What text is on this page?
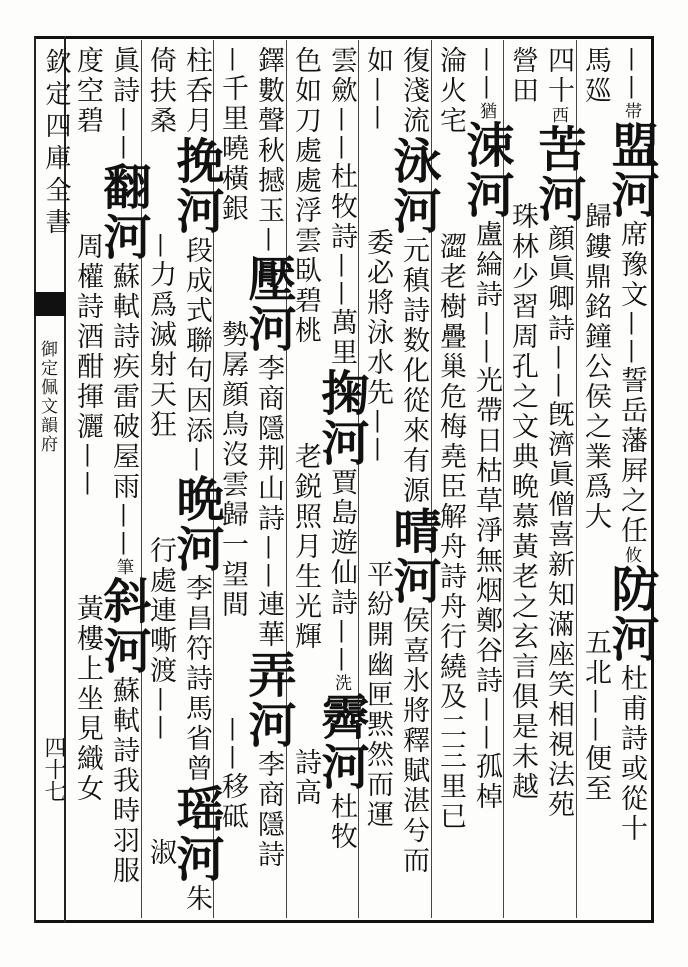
欽定四庫全書
御定佩文韻府
四十七
||帯盟河席豫文||誓岳藩屛之任攸防河杜甫詩或從十
馬廵歸鏤鼎銘鐘公侯之業爲大五北||便至
四十西苦河顔眞卿詩||旣濟眞僧喜新知滿座笑相視法苑
營田珠林少習周孔之文典晩慕黃老之玄言俱是未越
||猶涑河盧綸詩||光帶日枯草淨無烟鄭谷詩||孤棹
淪火宅澀老樹疊巢危梅堯臣解舟詩舟行繞及二三里已
復淺流泳河元稹詩数化從來有源晴河侯喜氷將釋賦湛兮而
如||委必將泳水先||平紛開幽匣黙然而運
雲歛||杜牧詩||萬里掬河賈島遊仙詩||洗霽河杜牧
色如刀處處浮雲臥碧桃老鋭照月生光輝詩高
鐸數聲秋撼玉|壓河李商隱荆山詩||連華弄河李商隱詩
|千里曉橫銀勢孱顔鳥沒雲歸一望間||移砥
柱呑月挽河段成式聯句因添|晩河李昌符詩馬省曾瑶河朱
倚扶桑|力爲滅射天狂行處連嘶渡||淑
眞詩||翻河蘇軾詩疾雷破屋雨||筆斜河蘇軾詩我時羽服
度空碧周權詩酒酣揮灑||黃樓上坐見織女
